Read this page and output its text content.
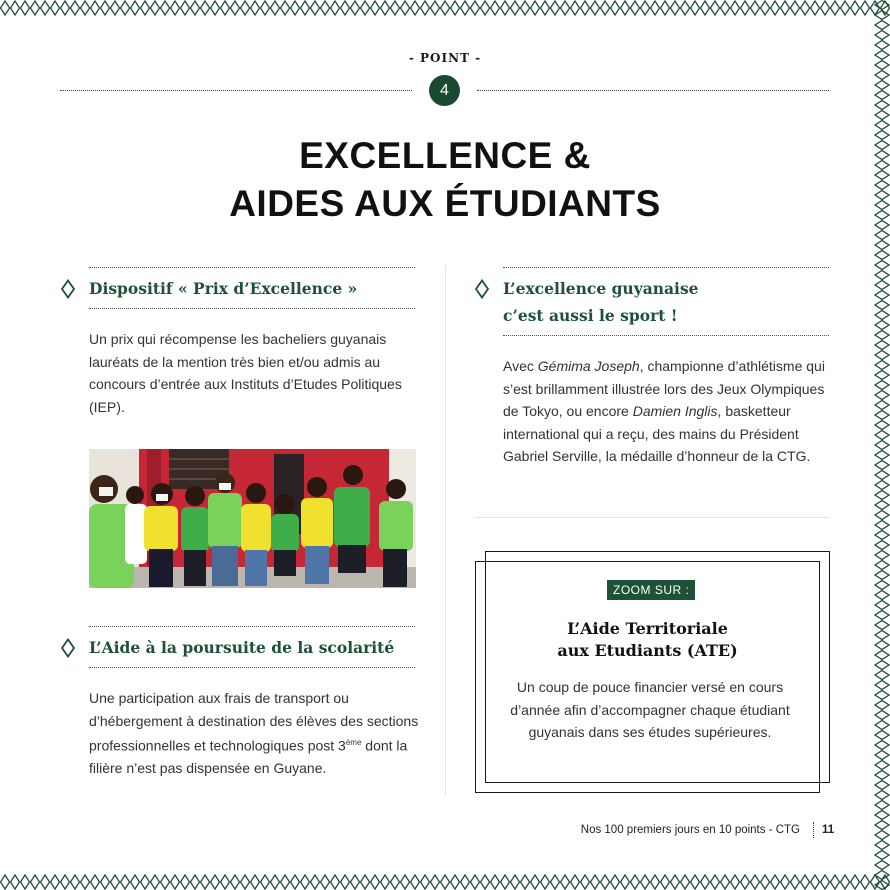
- POINT -
4
EXCELLENCE &
AIDES AUX ÉTUDIANTS
Dispositif « Prix d’Excellence »
Un prix qui récompense les bacheliers guyanais lauréats de la mention très bien et/ou admis au concours d’entrée aux Instituts d’Etudes Politiques (IEP).
L’Aide à la poursuite de la scolarité
Une participation aux frais de transport ou d’hébergement à destination des élèves des sections professionnelles et technologiques post 3ème dont la filière n’est pas dispensée en Guyane.
L’excellence guyanaise
c’est aussi le sport !
Avec Gémima Joseph, championne d’athlétisme qui s’est brillamment illustrée lors des Jeux Olympiques de Tokyo, ou encore Damien Inglis, basketteur international qui a reçu, des mains du Président Gabriel Serville, la médaille d’honneur de la CTG.
ZOOM SUR :
L’Aide Territoriale
aux Etudiants (ATE)
Un coup de pouce financier versé en cours d’année afin d’accompagner chaque étudiant guyanais dans ses études supérieures.
Nos 100 premiers jours en 10 points - CTG 11
